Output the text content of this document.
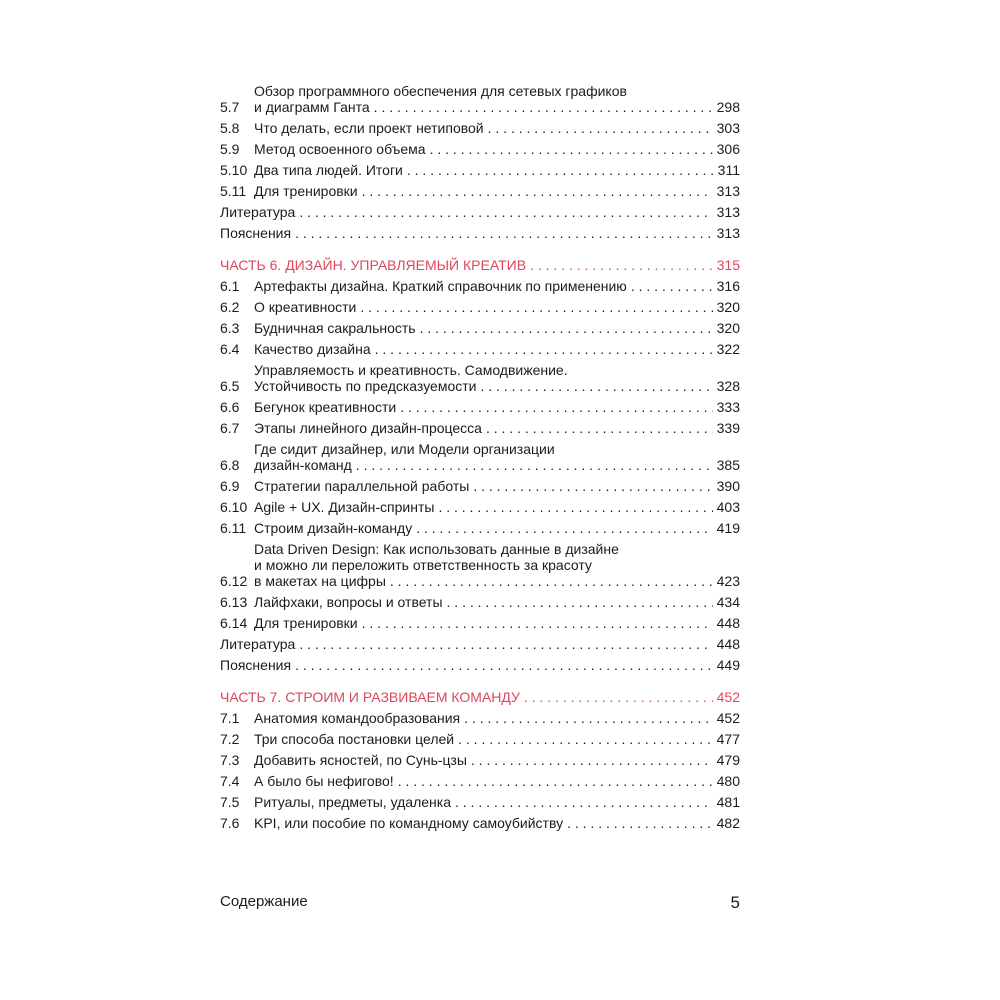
5.7
Обзор программного обеспечения для сетевых графиков
и диаграмм Ганта . . .	298
5.8	Что делать, если проект нетиповой . . .	303
5.9	Метод освоенного объема . . .	306
5.10 Два типа людей. Итоги . . .	311
5.11 Для тренировки . . .	313
Литература . . .	313
Пояснения . . .	313
ЧАСТЬ 6. ДИЗАЙН. УПРАВЛЯЕМЫЙ КРЕАТИВ . . .	315
6.1	Артефакты дизайна. Краткий справочник по применению . . .	316
6.2	О креативности . . .	320
6.3	Будничная сакральность . . .	320
6.4	Качество дизайна . . .	322
6.5
Управляемость и креативность. Самодвижение.
Устойчивость по предсказуемости . . .	328
6.6	Бегунок креативности . . .	333
6.7	Этапы линейного дизайн-процесса . . .	339
6.8
Где сидит дизайнер, или Модели организации
дизайн-команд . . .	385
6.9	Стратегии параллельной работы . . .	390
6.10 Agile + UX. Дизайн-спринты . . .	403
6.11 Строим дизайн-команду . . .	419
6.12
Data Driven Design: Как использовать данные в дизайне
и можно ли переложить ответственность за красоту
в макетах на цифры . . .	423
6.13 Лайфхаки, вопросы и ответы . . .	434
6.14 Для тренировки . . .	448
Литература . . .	448
Пояснения . . .	449
ЧАСТЬ 7. СТРОИМ И РАЗВИВАЕМ КОМАНДУ . . .	452
7.1	Анатомия командообразования . . .	452
7.2	Три способа постановки целей . . .	477
7.3	Добавить ясностей, по Сунь-цзы . . .	479
7.4	А было бы нефигово! . . .	480
7.5	Ритуалы, предметы, удаленка . . .	481
7.6	KPI, или пособие по командному самоубийству . . .	482
Содержание	5
